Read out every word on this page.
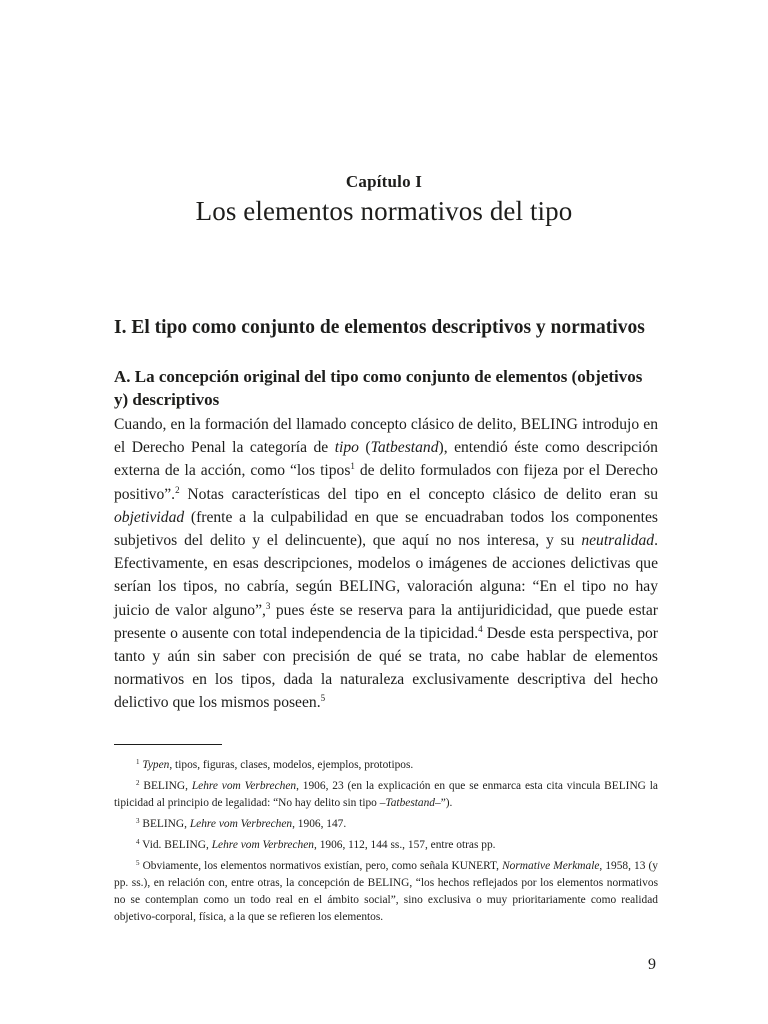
Capítulo I
Los elementos normativos del tipo
I. El tipo como conjunto de elementos descriptivos y normativos
A. La concepción original del tipo como conjunto de elementos (objetivos y) descriptivos

Cuando, en la formación del llamado concepto clásico de delito, BELING introdujo en el Derecho Penal la categoría de tipo (Tatbestand), entendió éste como descripción externa de la acción, como “los tipos$^1$ de delito formulados con fijeza por el Derecho positivo”.$^2$ Notas características del tipo en el concepto clásico de delito eran su objetividad (frente a la culpabilidad en que se encuadraban todos los componentes subjetivos del delito y el delincuente), que aquí no nos interesa, y su neutralidad. Efectivamente, en esas descripciones, modelos o imágenes de acciones delictivas que serían los tipos, no cabría, según BELING, valoración alguna: “En el tipo no hay juicio de valor alguno”,$^3$ pues éste se reserva para la antijuridicidad, que puede estar presente o ausente con total independencia de la tipicidad.$^4$ Desde esta perspectiva, por tanto y aún sin saber con precisión de qué se trata, no cabe hablar de elementos normativos en los tipos, dada la naturaleza exclusivamente descriptiva del hecho delictivo que los mismos poseen.$^5$

$^1$ Typen, tipos, figuras, clases, modelos, ejemplos, prototipos.

$^2$ BELING, Lehre vom Verbrechen, 1906, 23 (en la explicación en que se enmarca esta cita vincula BELING la tipicidad al principio de legalidad: “No hay delito sin tipo –Tatbestand–”).

$^3$ BELING, Lehre vom Verbrechen, 1906, 147.

$^4$ Vid. BELING, Lehre vom Verbrechen, 1906, 112, 144 ss., 157, entre otras pp.

$^5$ Obviamente, los elementos normativos existían, pero, como señala KUNERT, Normative Merkmale, 1958, 13 (y pp. ss.), en relación con, entre otras, la concepción de BELING, “los hechos reflejados por los elementos normativos no se contemplan como un todo real en el ámbito social”, sino exclusiva o muy prioritariamente como realidad objetivo-corporal, física, a la que se refieren los elementos.

9
